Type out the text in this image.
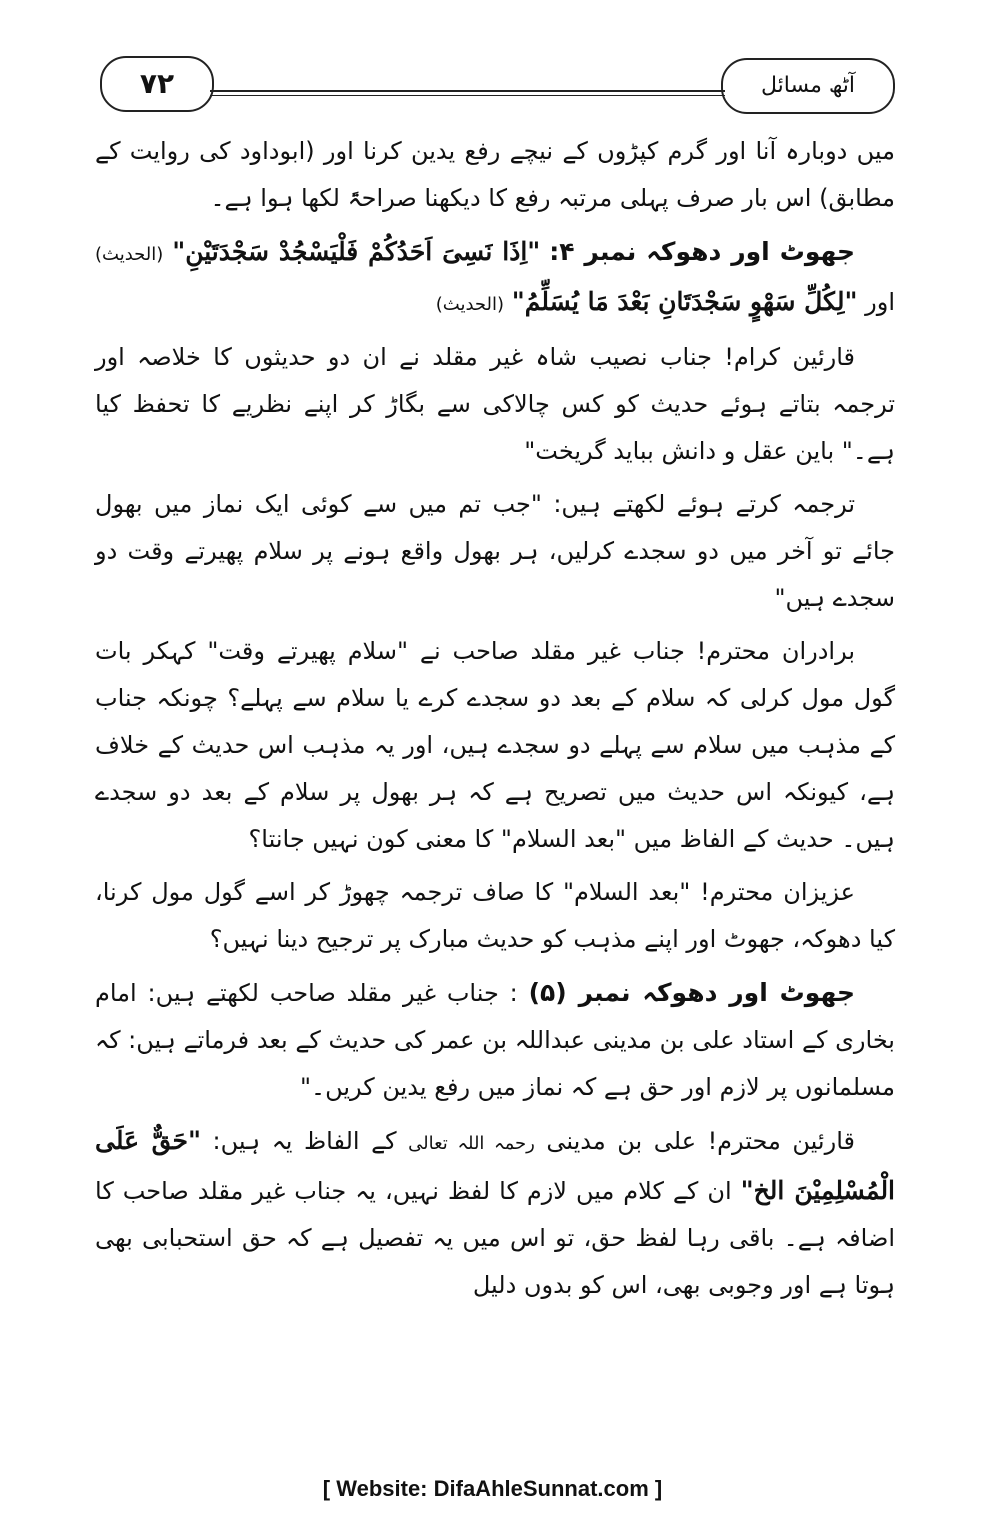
۷۲	آٹھ مسائل

میں دوبارہ آنا اور گرم کپڑوں کے نیچے رفع یدین کرنا اور (ابوداود کی روایت کے مطابق) اس بار صرف پہلی مرتبہ رفع کا دیکھنا صراحۃً لکھا ہوا ہے۔

جھوٹ اور دھوکہ نمبر ۴: "اِذَا نَسِیَ اَحَدُکُمْ فَلْیَسْجُدْ سَجْدَتَیْنِ" (الحدیث) اور "لِکُلِّ سَھْوٍ سَجْدَتَانِ بَعْدَ مَا یُسَلِّمُ" (الحدیث)

قارئین کرام! جناب نصیب شاہ غیر مقلد نے ان دو حدیثوں کا خلاصہ اور ترجمہ بتاتے ہوئے حدیث کو کس چالاکی سے بگاڑ کر اپنے نظریے کا تحفظ کیا ہے۔" باین عقل و دانش بباید گریخت"

ترجمہ کرتے ہوئے لکھتے ہیں: "جب تم میں سے کوئی ایک نماز میں بھول جائے تو آخر میں دو سجدے کرلیں، ہر بھول واقع ہونے پر سلام پھیرتے وقت دو سجدے ہیں"

برادران محترم! جناب غیر مقلد صاحب نے "سلام پھیرتے وقت" کہکر بات گول مول کرلی کہ سلام کے بعد دو سجدے کرے یا سلام سے پہلے؟ چونکہ جناب کے مذہب میں سلام سے پہلے دو سجدے ہیں، اور یہ مذہب اس حدیث کے خلاف ہے، کیونکہ اس حدیث میں تصریح ہے کہ ہر بھول پر سلام کے بعد دو سجدے ہیں۔ حدیث کے الفاظ میں "بعد السلام" کا معنی کون نہیں جانتا؟

عزیزان محترم! "بعد السلام" کا صاف ترجمہ چھوڑ کر اسے گول مول کرنا، کیا دھوکہ، جھوٹ اور اپنے مذہب کو حدیث مبارک پر ترجیح دینا نہیں؟

جھوٹ اور دھوکہ نمبر (۵) : جناب غیر مقلد صاحب لکھتے ہیں: امام بخاری کے استاد علی بن مدینی عبداللہ بن عمر کی حدیث کے بعد فرماتے ہیں: کہ مسلمانوں پر لازم اور حق ہے کہ نماز میں رفع یدین کریں۔"

قارئین محترم! علی بن مدینی رحمہ اللہ تعالی کے الفاظ یہ ہیں: "حَقٌّ عَلَی الْمُسْلِمِیْنَ الخ" ان کے کلام میں لازم کا لفظ نہیں، یہ جناب غیر مقلد صاحب کا اضافہ ہے۔ باقی رہا لفظ حق، تو اس میں یہ تفصیل ہے کہ حق استحبابی بھی ہوتا ہے اور وجوبی بھی، اس کو بدوں دلیل

[ Website: DifaAhleSunnat.com ]
